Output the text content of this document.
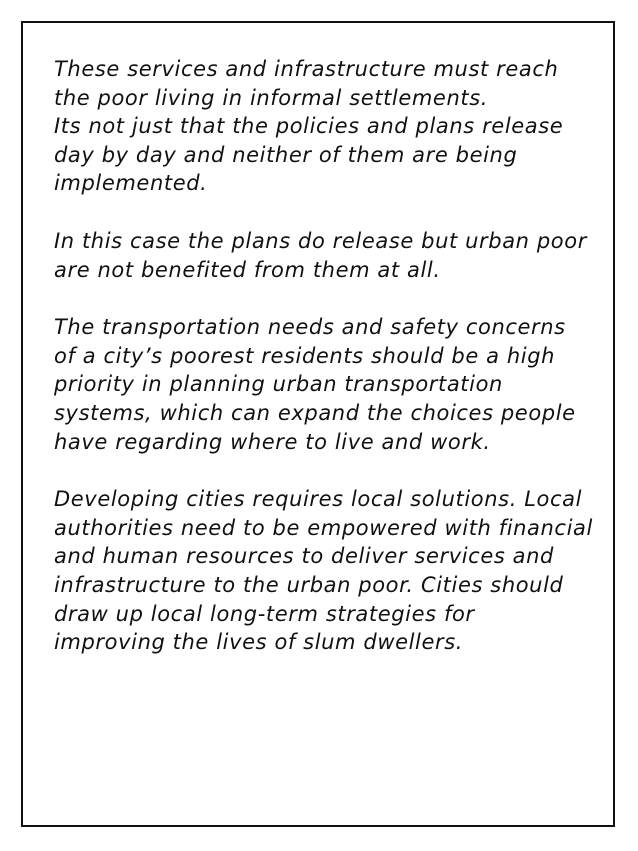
These services and infrastructure must reach
the poor living in informal settlements.
Its not just that the policies and plans release
day by day and neither of them are being
implemented.

In this case the plans do release but urban poor
are not benefited from them at all.

The transportation needs and safety concerns
of a city’s poorest residents should be a high
priority in planning urban transportation
systems, which can expand the choices people
have regarding where to live and work.

Developing cities requires local solutions. Local
authorities need to be empowered with financial
and human resources to deliver services and
infrastructure to the urban poor. Cities should
draw up local long-term strategies for
improving the lives of slum dwellers.
